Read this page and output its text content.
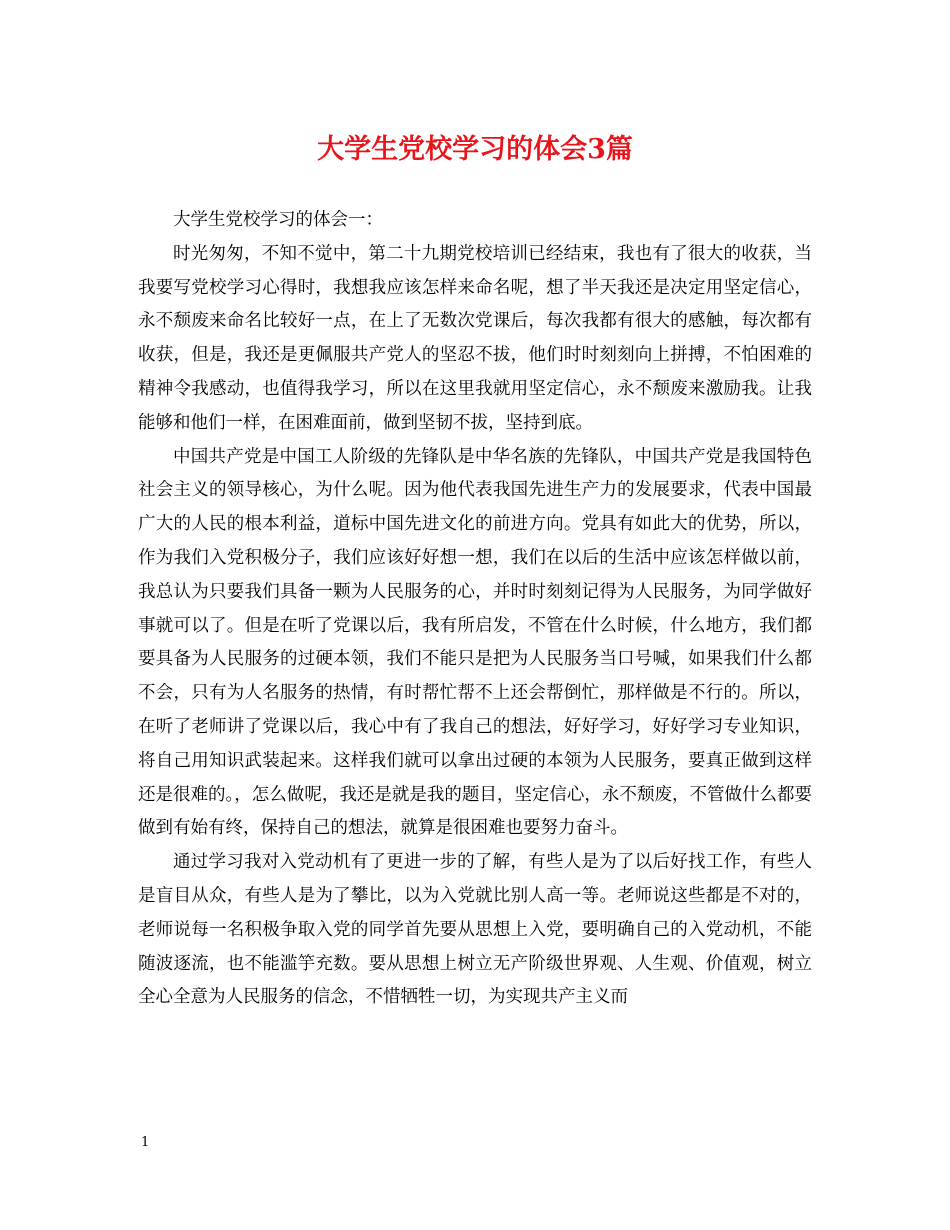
大学生党校学习的体会3篇

大学生党校学习的体会一：

时光匆匆，不知不觉中，第二十九期党校培训已经结束，我也有了很大的收获，当我要写党校学习心得时，我想我应该怎样来命名呢，想了半天我还是决定用坚定信心，永不颓废来命名比较好一点，在上了无数次党课后，每次我都有很大的感触，每次都有收获，但是，我还是更佩服共产党人的坚忍不拔，他们时时刻刻向上拼搏，不怕困难的精神令我感动，也值得我学习，所以在这里我就用坚定信心，永不颓废来激励我。让我能够和他们一样，在困难面前，做到坚韧不拔，坚持到底。

中国共产党是中国工人阶级的先锋队是中华名族的先锋队，中国共产党是我国特色社会主义的领导核心，为什么呢。因为他代表我国先进生产力的发展要求，代表中国最广大的人民的根本利益，道标中国先进文化的前进方向。党具有如此大的优势，所以，作为我们入党积极分子，我们应该好好想一想，我们在以后的生活中应该怎样做以前，我总认为只要我们具备一颗为人民服务的心，并时时刻刻记得为人民服务，为同学做好事就可以了。但是在听了党课以后，我有所启发，不管在什么时候，什么地方，我们都要具备为人民服务的过硬本领，我们不能只是把为人民服务当口号喊，如果我们什么都不会，只有为人名服务的热情，有时帮忙帮不上还会帮倒忙，那样做是不行的。所以，在听了老师讲了党课以后，我心中有了我自己的想法，好好学习，好好学习专业知识，将自己用知识武装起来。这样我们就可以拿出过硬的本领为人民服务，要真正做到这样还是很难的。，怎么做呢，我还是就是我的题目，坚定信心，永不颓废，不管做什么都要做到有始有终，保持自己的想法，就算是很困难也要努力奋斗。

通过学习我对入党动机有了更进一步的了解，有些人是为了以后好找工作，有些人是盲目从众，有些人是为了攀比，以为入党就比别人高一等。老师说这些都是不对的，老师说每一名积极争取入党的同学首先要从思想上入党，要明确自己的入党动机，不能随波逐流，也不能滥竽充数。要从思想上树立无产阶级世界观、人生观、价值观，树立全心全意为人民服务的信念，不惜牺牲一切，为实现共产主义而

1
